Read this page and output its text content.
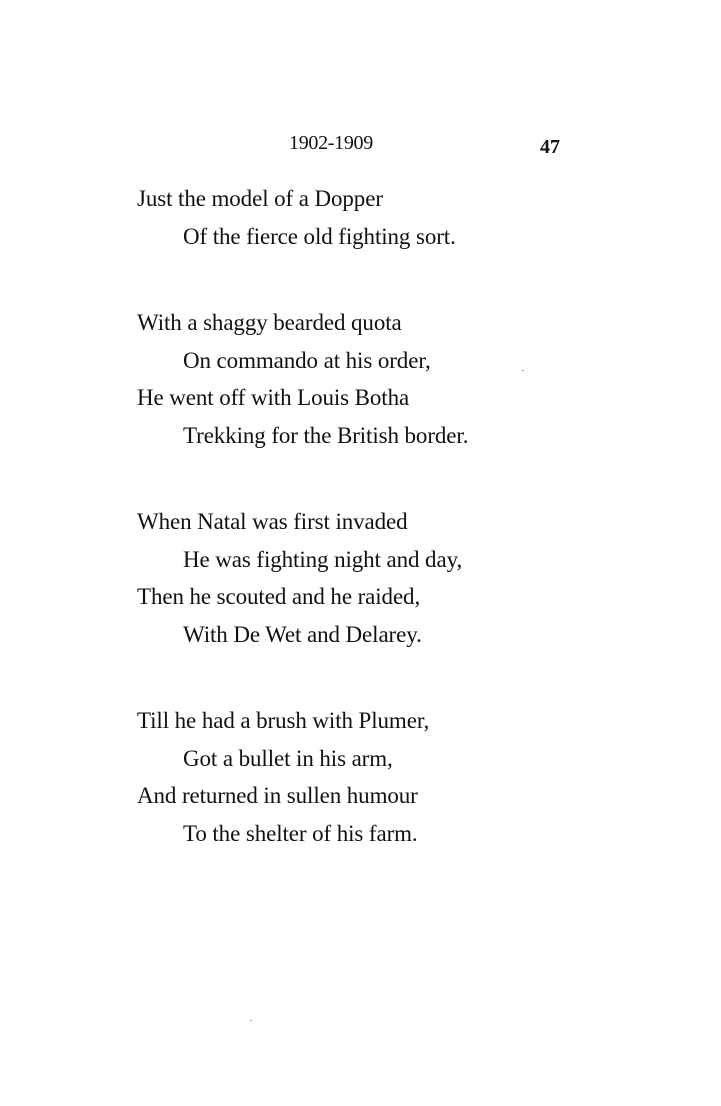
1902-1909	47
Just the model of a Dopper
Of the fierce old fighting sort.
With a shaggy bearded quota
On commando at his order,
He went off with Louis Botha
Trekking for the British border.
When Natal was first invaded
He was fighting night and day,
Then he scouted and he raided,
With De Wet and Delarey.
Till he had a brush with Plumer,
Got a bullet in his arm,
And returned in sullen humour
To the shelter of his farm.
